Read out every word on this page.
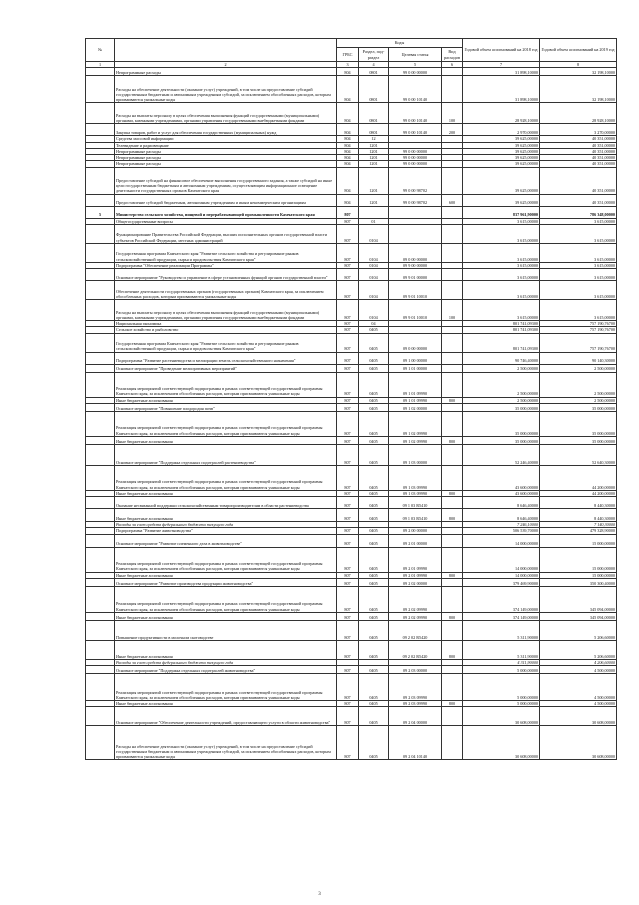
№		Коды				Годовой объем ассигнований на 2018 год	Годовой объем ассигнований на 2019 год
		ГРБС	Раздел, под-раздел	Целевая статья	Вид расходов		
1	2	3	4	5	6	7	8
	Непрограммные расходы	804	0801	99 0 00 00000		31 898,10000	32 198,10000
	Расходы на обеспечение деятельности (оказание услуг) учреждений, в том числе на предоставление субсидий государственным бюджетным и автономным учреждениям субсидий, за исключением обособленных расходов, которым присваиваются уникальные коды	804	0801	99 0 00 10140		31 898,10000	32 198,10000
	Расходы на выплаты персоналу в целях обеспечения выполнения функций государственными (муниципальными) органами, казенными учреждениями, органами управления государственными внебюджетными фондами	804	0801	99 0 00 10140	100	28 928,10000	28 928,10000
	Закупка товаров, работ и услуг для обеспечения государственных (муниципальных) нужд	804	0801	99 0 00 10140	200	2 970,00000	3 270,00000
	Средства массовой информации	804	12			39 625,00000	40 351,00000
	Телевидение и радиовещание	804	1201			39 625,00000	40 351,00000
	Непрограммные расходы	804	1201	99 0 00 00000		39 625,00000	40 351,00000
	Непрограммные расходы	804	1201	99 0 00 00000		39 625,00000	40 351,00000
	Непрограммные расходы	804	1201	99 0 00 00000		39 625,00000	40 351,00000
	Предоставление субсидий на финансовое обеспечение выполнения государственного задания, а также субсидий на иные цели государственным бюджетным и автономным учреждениям, осуществляющим информационное освещение деятельности государственных органов Камчатского края	804	1201	99 0 00 98702		39 625,00000	40 351,00000
	Предоставление субсидий бюджетным, автономным учреждениям и иным некоммерческим организациям	804	1201	99 0 00 98702	600	39 625,00000	40 351,00000
5	Министерство сельского хозяйства, пищевой и перерабатывающей промышленности Камчатского края	807				837 961,90000	786 348,00000
	Общегосударственные вопросы	807	01			3 615,00000	3 615,00000
	Функционирование Правительства Российской Федерации, высших исполнительных органов государственной власти субъектов Российской Федерации, местных администраций	807	0104			3 615,00000	3 615,00000
	Государственная программа Камчатского края "Развитие сельского хозяйства и регулирование рынков сельскохозяйственной продукции, сырья и продовольствия Камчатского края"	807	0104	09 0 00 00000		3 615,00000	3 615,00000
	Подпрограмма "Обеспечение реализации Программы"	807	0104	09 9 00 00000		3 615,00000	3 615,00000
	Основное мероприятие "Руководство и управление в сфере установленных функций органов государственной власти"	807	0104	09 9 01 00000		3 615,00000	3 615,00000
	Обеспечение деятельности государственных органов (государственных органов) Камчатского края, за исключением обособленных расходов, которым присваиваются уникальные коды	807	0104	09 9 01 10010		3 615,00000	3 615,00000
	Расходы на выплаты персоналу в целях обеспечения выполнения функций государственными (муниципальными) органами, казенными учреждениями, органами управления государственными внебюджетными фондами	807	0104	09 9 01 10010	100	3 615,00000	3 615,00000
	Национальная экономика	807	04			801 741,09300	757 190,76700
	Сельское хозяйство и рыболовство	807	0405			801 741,09300	757 190,76700
	Государственная программа Камчатского края "Развитие сельского хозяйства и регулирование рынков сельскохозяйственной продукции, сырья и продовольствия Камчатского края"	807	0405	09 0 00 00000		801 741,09300	757 190,76700
	Подпрограмма "Развитие растениеводства и мелиорации земель сельскохозяйственного назначения"	807	0405	09 1 00 00000		90 746,40000	90 140,30000
	Основное мероприятие "Проведение мелиоративных мероприятий"	807	0405	09 1 01 00000		2 500,00000	2 500,00000
	Реализация мероприятий соответствующей подпрограммы в рамках соответствующей государственной программы Камчатского края, за исключением обособленных расходов, которым присваиваются уникальные коды	807	0405	09 1 01 09990		2 500,00000	2 500,00000
	Иные бюджетные ассигнования	807	0405	09 1 01 09990	800	2 500,00000	2 500,00000
	Основное мероприятие "Повышение плодородия почв"	807	0405	09 1 02 00000		35 000,00000	35 000,00000
	Реализация мероприятий соответствующей подпрограммы в рамках соответствующей государственной программы Камчатского края, за исключением обособленных расходов, которым присваиваются уникальные коды	807	0405	09 1 02 09990		35 000,00000	35 000,00000
	Иные бюджетные ассигнования	807	0405	09 1 02 09990	800	35 000,00000	35 000,00000
	Основное мероприятие "Поддержка отдельных подотраслей растениеводства"	807	0405	09 1 03 00000		52 246,40000	52 640,30000
	Реализация мероприятий соответствующей подпрограммы в рамках соответствующей государственной программы Камчатского края, за исключением обособленных расходов, которым присваиваются уникальные коды	807	0405	09 1 03 09990		43 600,00000	44 200,00000
	Иные бюджетные ассигнования	807	0405	09 1 03 09990	800	43 600,00000	44 200,00000
	Оказание несвязанной поддержки сельскохозяйственным товаропроизводителям в области растениеводства	807	0405	09 1 03 R5410		8 646,40000	8 440,30000
	Иные бюджетные ассигнования	807	0405	09 1 03 R5410	800	8 646,40000	8 440,30000
	Расходы за счет средств федерального бюджета текущего года					7 246,10000	7 140,30000
	Подпрограмма "Развитие животноводства"	807	0405	09 2 00 00000		506 539,70000	479 328,90000
	Основное мероприятие "Развитие племенного дела в животноводстве"	807	0405	09 2 01 00000		14 000,00000	15 000,00000
	Реализация мероприятий соответствующей подпрограммы в рамках соответствующей государственной программы Камчатского края, за исключением обособленных расходов, которым присваиваются уникальные коды	807	0405	09 2 01 09990		14 000,00000	15 000,00000
	Иные бюджетные ассигнования	807	0405	09 2 01 09990	800	14 000,00000	15 000,00000
	Основное мероприятие "Развитие производства продукции животноводства"	807	0405	09 2 02 00000		379 469,90000	350 300,40000
	Реализация мероприятий соответствующей подпрограммы в рамках соответствующей государственной программы Камчатского края, за исключением обособленных расходов, которым присваиваются уникальные коды	807	0405	09 2 02 09990		374 149,00000	345 094,00000
	Иные бюджетные ассигнования	807	0405	09 2 02 09990	800	374 149,00000	345 094,00000
	Повышение продуктивности в молочном скотоводстве	807	0405	09 2 02 R5420		5 311,90000	5 206,60000
	Иные бюджетные ассигнования	807	0405	09 2 02 R5420	800	5 311,90000	5 206,60000
	Расходы за счет средств федерального бюджета текущего года					4 311,90000	4 206,60000
	Основное мероприятие "Поддержка отдельных подотраслей животноводства"	807	0405	09 2 03 00000		5 000,00000	4 500,00000
	Реализация мероприятий соответствующей подпрограммы в рамках соответствующей государственной программы Камчатского края, за исключением обособленных расходов, которым присваиваются уникальные коды	807	0405	09 2 03 09990		5 000,00000	4 500,00000
	Иные бюджетные ассигнования	807	0405	09 2 03 09990	800	5 000,00000	4 500,00000
	Основное мероприятие "Обеспечение деятельности учреждений, предоставляющего услуги в области животноводства"	807	0405	09 2 04 00000		30 608,00000	30 608,00000
	Расходы на обеспечение деятельности (оказание услуг) учреждений, в том числе на предоставление субсидий государственным бюджетным и автономным учреждениям субсидий, за исключением обособленных расходов, которым присваиваются уникальные коды	807	0405	09 2 04 10140		30 608,00000	30 608,00000
3
